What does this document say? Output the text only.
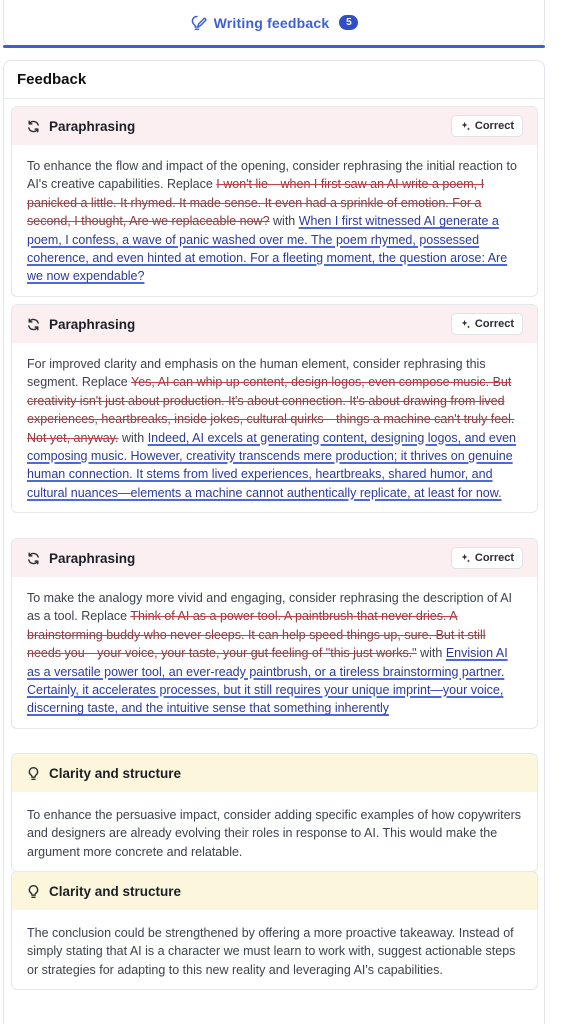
Writing feedback	5
Feedback
Paraphrasing	Correct
To enhance the flow and impact of the opening, consider rephrasing the initial reaction to AI's creative capabilities. Replace I won't lie—when I first saw an AI write a poem, I panicked a little. It rhymed. It made sense. It even had a sprinkle of emotion. For a second, I thought, Are we replaceable now? with When I first witnessed AI generate a poem, I confess, a wave of panic washed over me. The poem rhymed, possessed coherence, and even hinted at emotion. For a fleeting moment, the question arose: Are we now expendable?
Paraphrasing	Correct
For improved clarity and emphasis on the human element, consider rephrasing this segment. Replace Yes, AI can whip up content, design logos, even compose music. But creativity isn't just about production. It's about connection. It's about drawing from lived experiences, heartbreaks, inside jokes, cultural quirks—things a machine can't truly feel. Not yet, anyway. with Indeed, AI excels at generating content, designing logos, and even composing music. However, creativity transcends mere production; it thrives on genuine human connection. It stems from lived experiences, heartbreaks, shared humor, and cultural nuances—elements a machine cannot authentically replicate, at least for now.
Paraphrasing	Correct
To make the analogy more vivid and engaging, consider rephrasing the description of AI as a tool. Replace Think of AI as a power tool. A paintbrush that never dries. A brainstorming buddy who never sleeps. It can help speed things up, sure. But it still needs you—your voice, your taste, your gut feeling of "this just works." with Envision AI as a versatile power tool, an ever-ready paintbrush, or a tireless brainstorming partner. Certainly, it accelerates processes, but it still requires your unique imprint—your voice, discerning taste, and the intuitive sense that something inherently
Clarity and structure
To enhance the persuasive impact, consider adding specific examples of how copywriters and designers are already evolving their roles in response to AI. This would make the argument more concrete and relatable.
Clarity and structure
The conclusion could be strengthened by offering a more proactive takeaway. Instead of simply stating that AI is a character we must learn to work with, suggest actionable steps or strategies for adapting to this new reality and leveraging AI's capabilities.
